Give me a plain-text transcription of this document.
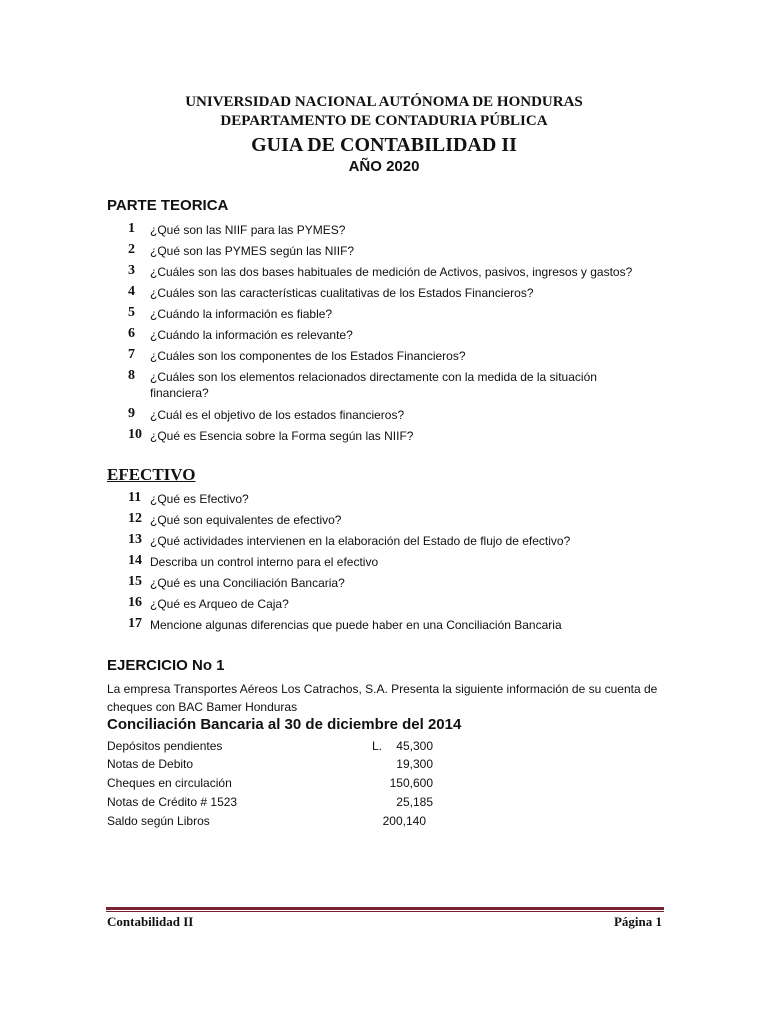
UNIVERSIDAD NACIONAL AUTÓNOMA DE HONDURAS
DEPARTAMENTO DE CONTADURIA PÚBLICA
GUIA DE CONTABILIDAD II
AÑO 2020
PARTE TEORICA
1	¿Qué son las NIIF para las PYMES?
2	¿Qué son las PYMES según las NIIF?
3	¿Cuáles son las dos bases habituales de medición de Activos, pasivos, ingresos y gastos?
4	¿Cuáles son las características cualitativas de los Estados Financieros?
5	¿Cuándo la información es fiable?
6	¿Cuándo la información es relevante?
7	¿Cuáles son los componentes de los Estados Financieros?
8	¿Cuáles son los elementos relacionados directamente con la medida de la situación financiera?
9	¿Cuál es el objetivo de los estados financieros?
10 ¿Qué es Esencia sobre la Forma según las NIIF?
EFECTIVO
11 ¿Qué es Efectivo?
12 ¿Qué son equivalentes de efectivo?
13 ¿Qué actividades intervienen en la elaboración del Estado de flujo de efectivo?
14 Describa un control interno para el efectivo
15 ¿Qué es una Conciliación Bancaria?
16 ¿Qué es Arqueo de Caja?
17 Mencione algunas diferencias que puede haber en una Conciliación Bancaria
EJERCICIO No 1
La empresa Transportes Aéreos Los Catrachos, S.A. Presenta la siguiente información de su cuenta de cheques con BAC Bamer Honduras
Conciliación Bancaria al 30 de diciembre del 2014
Depósitos pendientes	L. 45,300
Notas de Debito	19,300
Cheques en circulación	150,600
Notas de Crédito # 1523	25,185
Saldo según Libros	200,140
Contabilidad II	Página 1
